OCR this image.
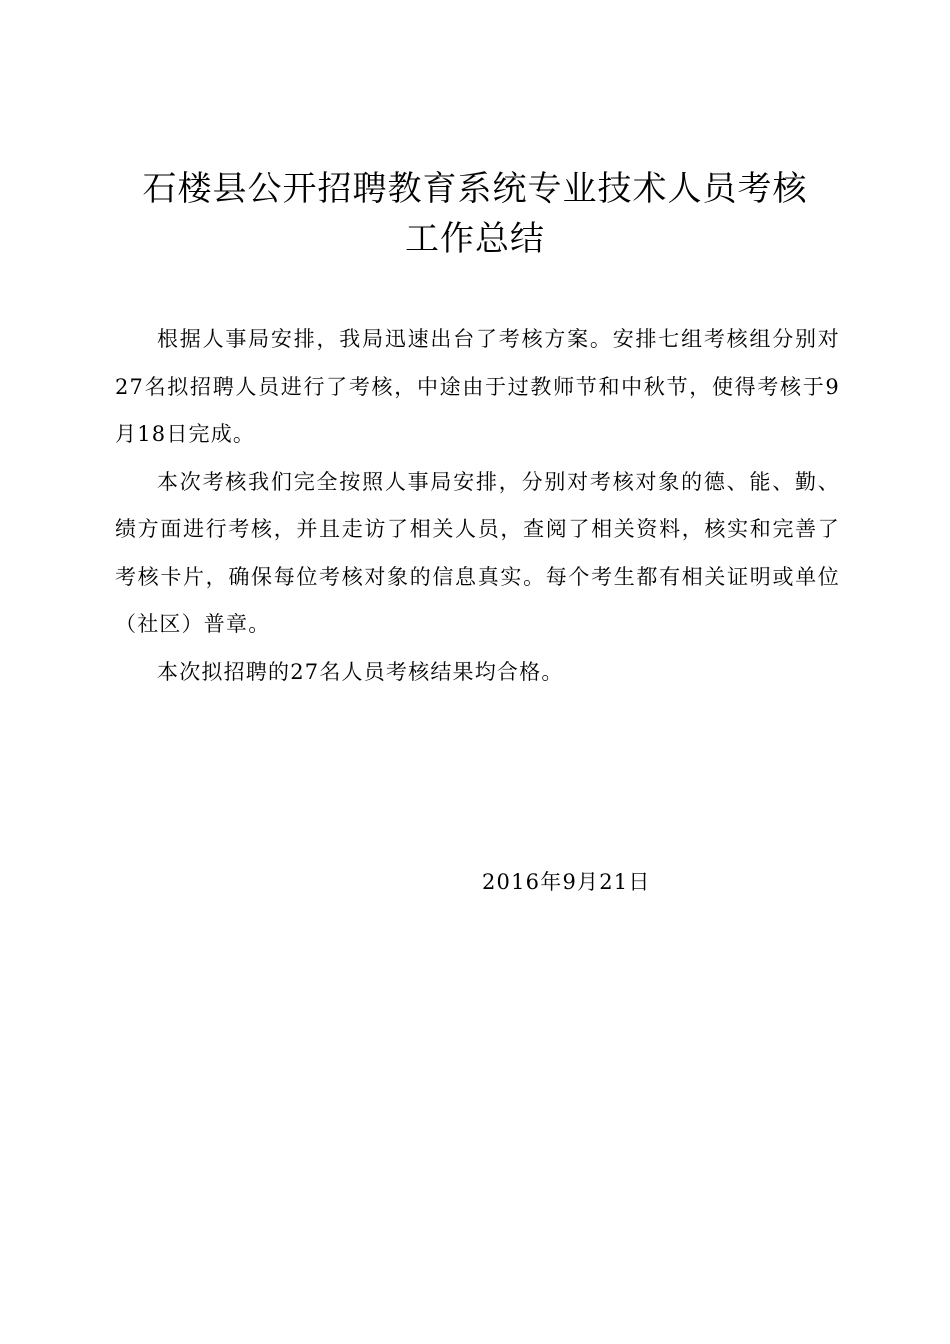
石楼县公开招聘教育系统专业技术人员考核
工作总结

根据人事局安排，我局迅速出台了考核方案。安排七组考核组分别对27名拟招聘人员进行了考核，中途由于过教师节和中秋节，使得考核于9月18日完成。

本次考核我们完全按照人事局安排，分别对考核对象的德、能、勤、绩方面进行考核，并且走访了相关人员，查阅了相关资料，核实和完善了考核卡片，确保每位考核对象的信息真实。每个考生都有相关证明或单位（社区）普章。

本次拟招聘的27名人员考核结果均合格。

2016年9月21日
